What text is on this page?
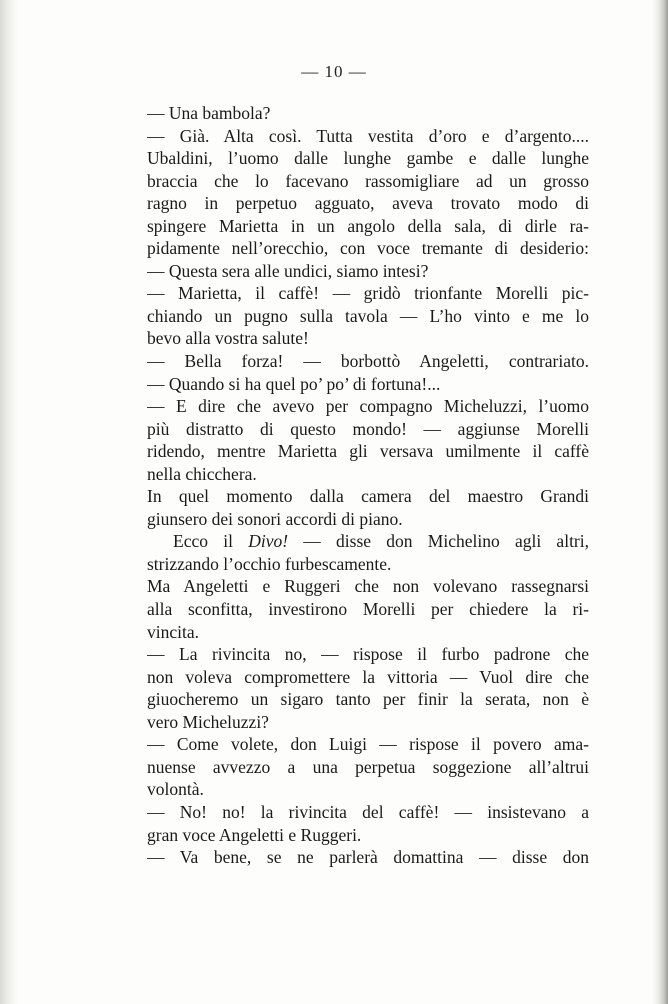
— 10 —
— Una bambola?
— Già. Alta così. Tutta vestita d’oro e d’argento....
Ubaldini, l’uomo dalle lunghe gambe e dalle lunghe
braccia che lo facevano rassomigliare ad un grosso
ragno in perpetuo agguato, aveva trovato modo di
spingere Marietta in un angolo della sala, di dirle ra-
pidamente nell’orecchio, con voce tremante di desiderio:
— Questa sera alle undici, siamo intesi?
— Marietta, il caffè! — gridò trionfante Morelli pic-
chiando un pugno sulla tavola — L’ho vinto e me lo
bevo alla vostra salute!
— Bella forza! — borbottò Angeletti, contrariato.
— Quando si ha quel po’ po’ di fortuna!...
— E dire che avevo per compagno Micheluzzi, l’uomo
più distratto di questo mondo! — aggiunse Morelli
ridendo, mentre Marietta gli versava umilmente il caffè
nella chicchera.
In quel momento dalla camera del maestro Grandi
giunsero dei sonori accordi di piano.
Ecco il Divo! — disse don Michelino agli altri,
strizzando l’occhio furbescamente.
Ma Angeletti e Ruggeri che non volevano rassegnarsi
alla sconfitta, investirono Morelli per chiedere la ri-
vincita.
— La rivincita no, — rispose il furbo padrone che
non voleva compromettere la vittoria — Vuol dire che
giuocheremo un sigaro tanto per finir la serata, non è
vero Micheluzzi?
— Come volete, don Luigi — rispose il povero ama-
nuense avvezzo a una perpetua soggezione all’altrui
volontà.
— No! no! la rivincita del caffè! — insistevano a
gran voce Angeletti e Ruggeri.
— Va bene, se ne parlerà domattina — disse don
